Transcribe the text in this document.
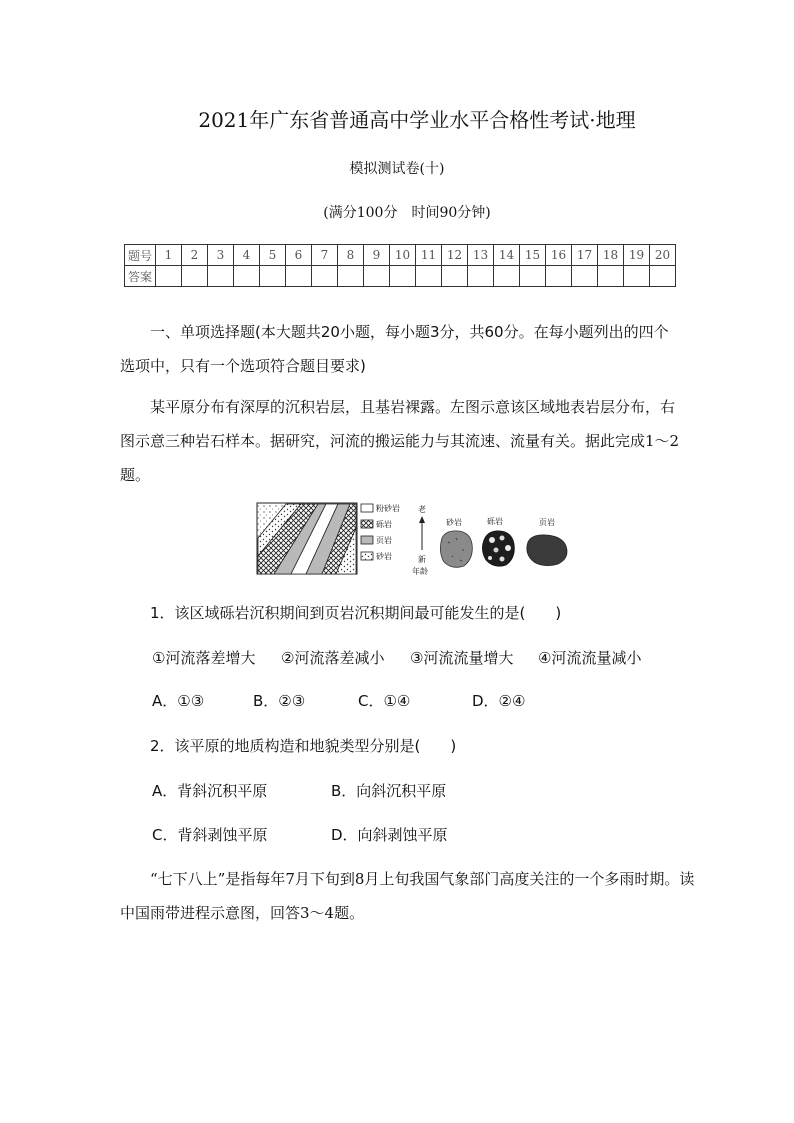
2021年广东省普通高中学业水平合格性考试·地理
模拟测试卷(十)
(满分100分　时间90分钟)
题号	1	2	3	4	5	6	7	8	9	10	11	12	13	14	15	16	17	18	19	20
答案																				
一、单项选择题(本大题共20小题，每小题3分，共60分。在每小题列出的四个选项中，只有一个选项符合题目要求)
某平原分布有深厚的沉积岩层，且基岩裸露。左图示意该区域地表岩层分布，右图示意三种岩石样本。据研究，河流的搬运能力与其流速、流量有关。据此完成1～2题。
粉砂岩
砾岩
页岩
砂岩
老
新
年龄
砂岩	砾岩	页岩
1．该区域砾岩沉积期间到页岩沉积期间最可能发生的是(　　)
①河流落差增大 ②河流落差减小 ③河流流量增大 ④河流流量减小
A．①③	B．②③	C．①④	D．②④
2．该平原的地质构造和地貌类型分别是(　　)
A．背斜沉积平原	B．向斜沉积平原
C．背斜剥蚀平原	D．向斜剥蚀平原
“七下八上”是指每年7月下旬到8月上旬我国气象部门高度关注的一个多雨时期。读中国雨带进程示意图，回答3～4题。
